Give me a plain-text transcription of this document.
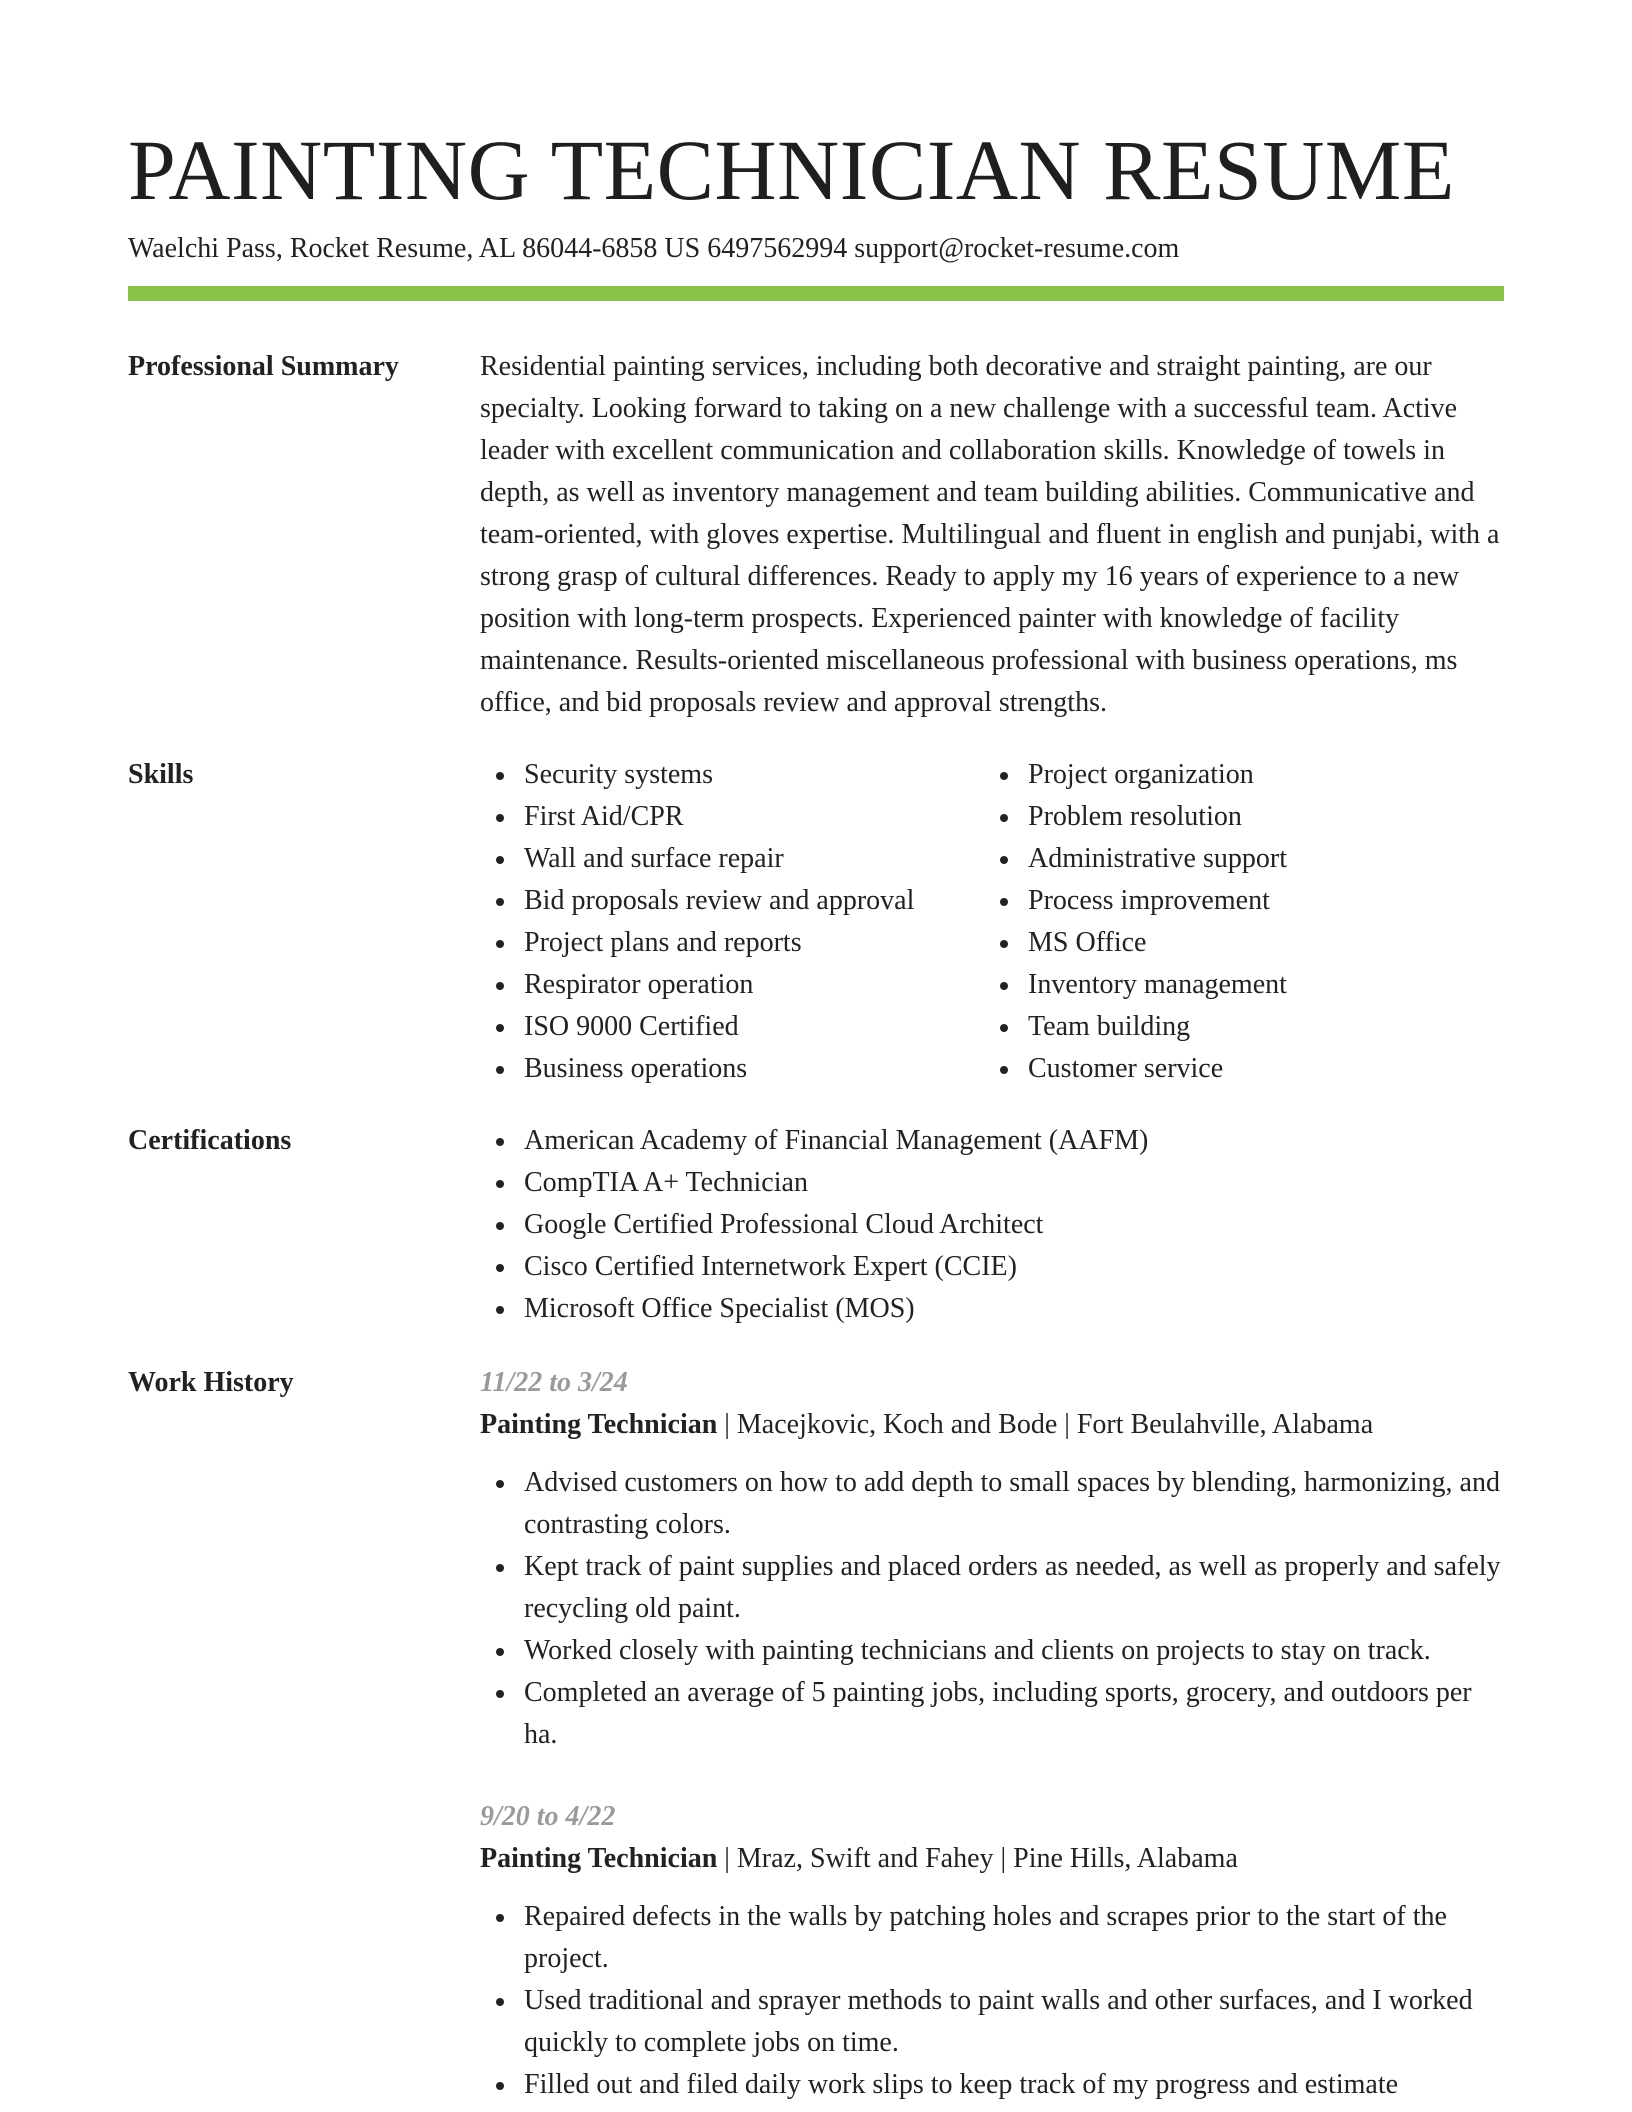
PAINTING TECHNICIAN RESUME
Waelchi Pass, Rocket Resume, AL 86044-6858 US 6497562994 support@rocket-resume.com
Professional Summary	Residential painting services, including both decorative and straight painting, are our specialty. Looking forward to taking on a new challenge with a successful team. Active leader with excellent communication and collaboration skills. Knowledge of towels in depth, as well as inventory management and team building abilities. Communicative and team-oriented, with gloves expertise. Multilingual and fluent in english and punjabi, with a strong grasp of cultural differences. Ready to apply my 16 years of experience to a new position with long-term prospects. Experienced painter with knowledge of facility maintenance. Results-oriented miscellaneous professional with business operations, ms office, and bid proposals review and approval strengths.

Skills	Security systems
First Aid/CPR
Wall and surface repair
Bid proposals review and approval
Project plans and reports
Respirator operation
ISO 9000 Certified
Business operations
Project organization
Problem resolution
Administrative support
Process improvement
MS Office
Inventory management
Team building
Customer service
Certifications	American Academy of Financial Management (AAFM)
CompTIA A+ Technician
Google Certified Professional Cloud Architect
Cisco Certified Internetwork Expert (CCIE)
Microsoft Office Specialist (MOS)
Work History	11/22 to 3/24
Painting Technician | Macejkovic, Koch and Bode | Fort Beulahville, Alabama
Advised customers on how to add depth to small spaces by blending, harmonizing, and contrasting colors.
Kept track of paint supplies and placed orders as needed, as well as properly and safely recycling old paint.
Worked closely with painting technicians and clients on projects to stay on track.
Completed an average of 5 painting jobs, including sports, grocery, and outdoors per ha.
9/20 to 4/22
Painting Technician | Mraz, Swift and Fahey | Pine Hills, Alabama
Repaired defects in the walls by patching holes and scrapes prior to the start of the project.
Used traditional and sprayer methods to paint walls and other surfaces, and I worked quickly to complete jobs on time.
Filled out and filed daily work slips to keep track of my progress and estimate
